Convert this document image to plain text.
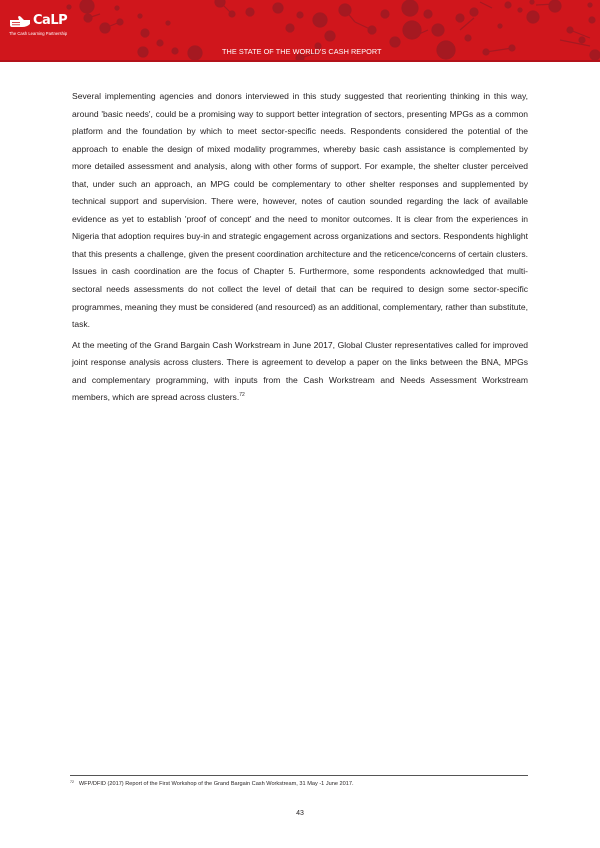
CaLP
The Cash Learning Partnership
THE STATE OF THE WORLD'S CASH REPORT

Several implementing agencies and donors interviewed in this study suggested that reorienting thinking in this way, around 'basic needs', could be a promising way to support better integration of sectors, presenting MPGs as a common platform and the foundation by which to meet sector-specific needs. Respondents considered the potential of the approach to enable the design of mixed modality programmes, whereby basic cash assistance is complemented by more detailed assessment and analysis, along with other forms of support. For example, the shelter cluster perceived that, under such an approach, an MPG could be complementary to other shelter responses and supplemented by technical support and supervision. There were, however, notes of caution sounded regarding the lack of available evidence as yet to establish 'proof of concept' and the need to monitor outcomes. It is clear from the experiences in Nigeria that adoption requires buy-in and strategic engagement across organizations and sectors. Respondents highlight that this presents a challenge, given the present coordination architecture and the reticence/concerns of certain clusters. Issues in cash coordination are the focus of Chapter 5. Furthermore, some respondents acknowledged that multi-sectoral needs assessments do not collect the level of detail that can be required to design some sector-specific programmes, meaning they must be considered (and resourced) as an additional, complementary, rather than substitute, task.

At the meeting of the Grand Bargain Cash Workstream in June 2017, Global Cluster representatives called for improved joint response analysis across clusters. There is agreement to develop a paper on the links between the BNA, MPGs and complementary programming, with inputs from the Cash Workstream and Needs Assessment Workstream members, which are spread across clusters.$^{72}$

$^{72}$ WFP/DFID (2017) Report of the First Workshop of the Grand Bargain Cash Workstream, 31 May -1 June 2017.
43
